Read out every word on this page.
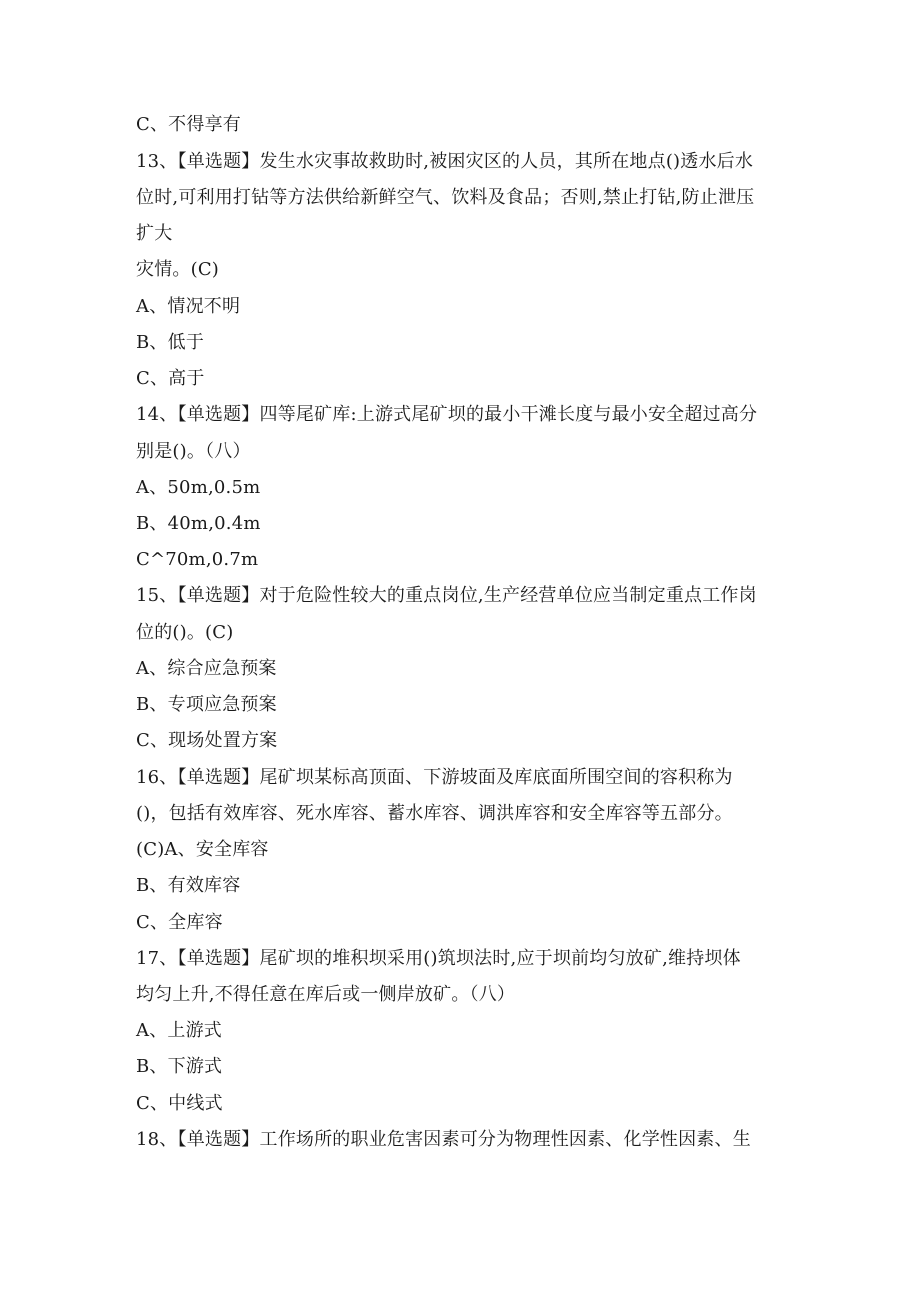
C、不得享有
13、【单选题】发生水灾事故救助时,被困灾区的人员，其所在地点()透水后水
位时,可利用打钻等方法供给新鲜空气、饮料及食品；否则,禁止打钻,防止泄压
扩大
灾情。(C)
A、情况不明
B、低于
C、高于
14、【单选题】四等尾矿库:上游式尾矿坝的最小干滩长度与最小安全超过高分
别是()。（八）
A、50m,0.5m
B、40m,0.4m
C^70m,0.7m
15、【单选题】对于危险性较大的重点岗位,生产经营单位应当制定重点工作岗
位的()。(C)
A、综合应急预案
B、专项应急预案
C、现场处置方案
16、【单选题】尾矿坝某标高顶面、下游坡面及库底面所围空间的容积称为
()，包括有效库容、死水库容、蓄水库容、调洪库容和安全库容等五部分。
(C)A、安全库容
B、有效库容
C、全库容
17、【单选题】尾矿坝的堆积坝采用()筑坝法时,应于坝前均匀放矿,维持坝体
均匀上升,不得任意在库后或一侧岸放矿。（八）
A、上游式
B、下游式
C、中线式
18、【单选题】工作场所的职业危害因素可分为物理性因素、化学性因素、生
